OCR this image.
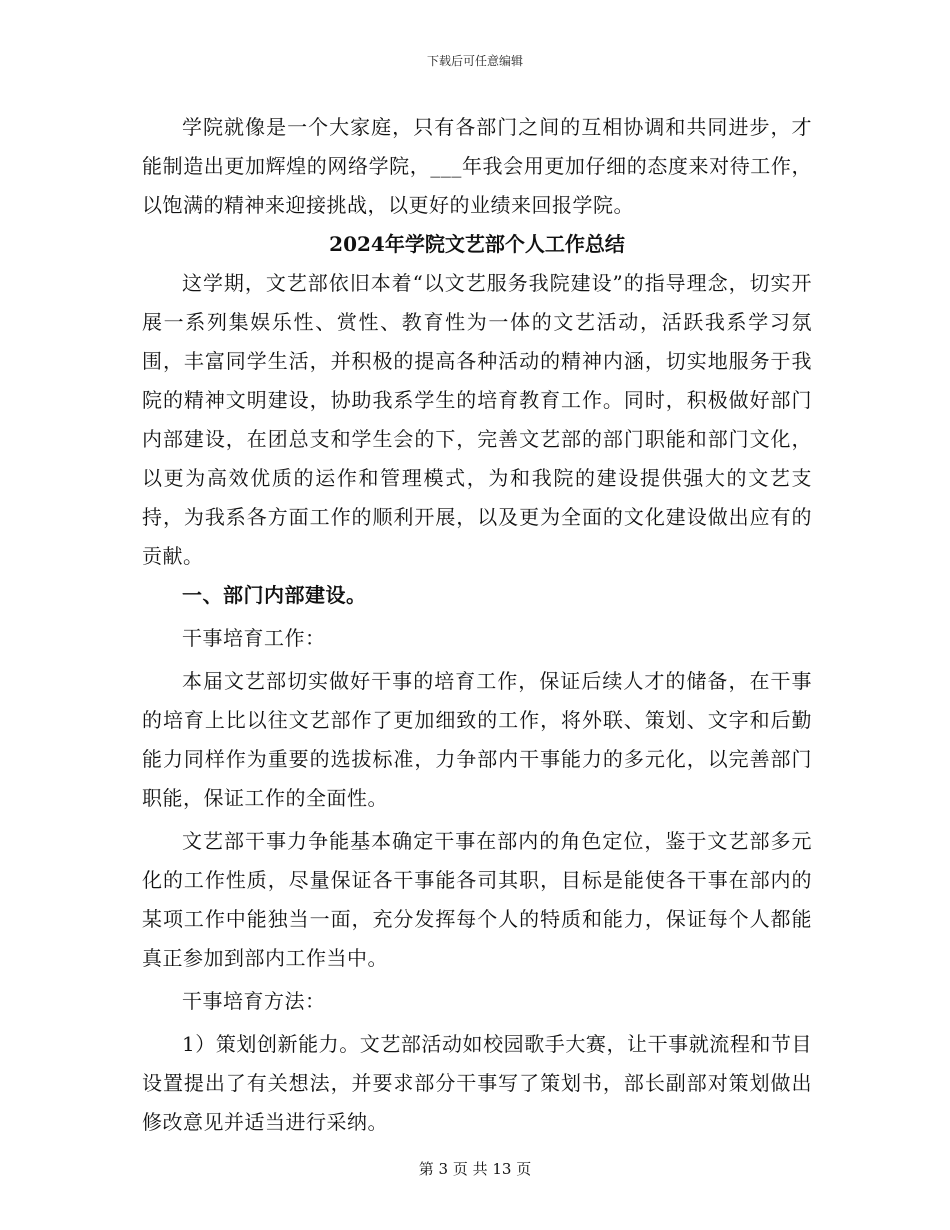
下载后可任意编辑

学院就像是一个大家庭，只有各部门之间的互相协调和共同进步，才能制造出更加辉煌的网络学院，___年我会用更加仔细的态度来对待工作，以饱满的精神来迎接挑战，以更好的业绩来回报学院。

2024年学院文艺部个人工作总结

这学期，文艺部依旧本着“以文艺服务我院建设”的指导理念，切实开展一系列集娱乐性、赏性、教育性为一体的文艺活动，活跃我系学习氛围，丰富同学生活，并积极的提高各种活动的精神内涵，切实地服务于我院的精神文明建设，协助我系学生的培育教育工作。同时，积极做好部门内部建设，在团总支和学生会的下，完善文艺部的部门职能和部门文化，以更为高效优质的运作和管理模式，为和我院的建设提供强大的文艺支持，为我系各方面工作的顺利开展，以及更为全面的文化建设做出应有的贡献。

一、部门内部建设。

干事培育工作：

本届文艺部切实做好干事的培育工作，保证后续人才的储备，在干事的培育上比以往文艺部作了更加细致的工作，将外联、策划、文字和后勤能力同样作为重要的选拔标准，力争部内干事能力的多元化，以完善部门职能，保证工作的全面性。

文艺部干事力争能基本确定干事在部内的角色定位，鉴于文艺部多元化的工作性质，尽量保证各干事能各司其职，目标是能使各干事在部内的某项工作中能独当一面，充分发挥每个人的特质和能力，保证每个人都能真正参加到部内工作当中。

干事培育方法：

1）策划创新能力。文艺部活动如校园歌手大赛，让干事就流程和节目设置提出了有关想法，并要求部分干事写了策划书，部长副部对策划做出修改意见并适当进行采纳。

第 3 页 共 13 页
